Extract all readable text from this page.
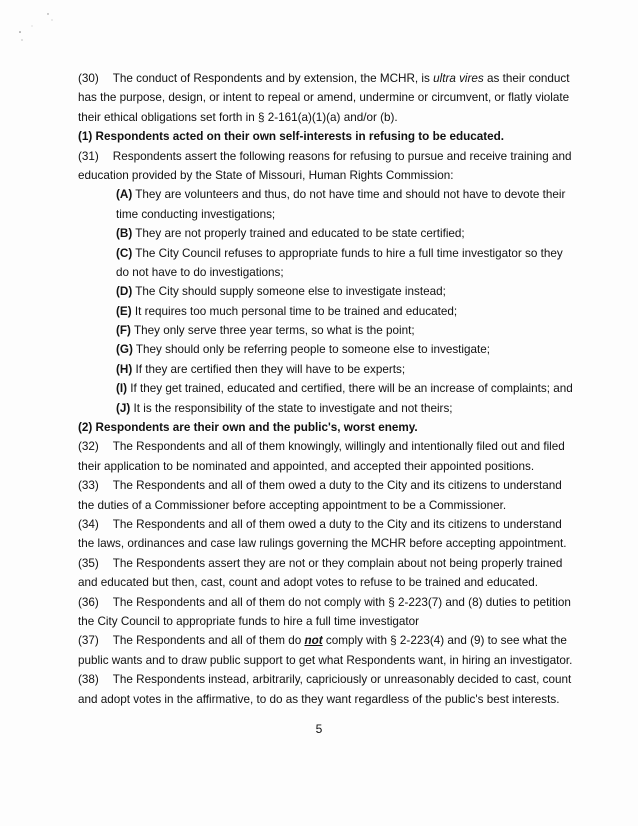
(30) The conduct of Respondents and by extension, the MCHR, is ultra vires as their conduct
has the purpose, design, or intent to repeal or amend, undermine or circumvent, or flatly violate
their ethical obligations set forth in § 2-161(a)(1)(a) and/or (b).
(1) Respondents acted on their own self-interests in refusing to be educated.
(31) Respondents assert the following reasons for refusing to pursue and receive training and
education provided by the State of Missouri, Human Rights Commission:
(A) They are volunteers and thus, do not have time and should not have to devote their
time conducting investigations;
(B) They are not properly trained and educated to be state certified;
(C) The City Council refuses to appropriate funds to hire a full time investigator so they
do not have to do investigations;
(D) The City should supply someone else to investigate instead;
(E) It requires too much personal time to be trained and educated;
(F) They only serve three year terms, so what is the point;
(G) They should only be referring people to someone else to investigate;
(H) If they are certified then they will have to be experts;
(I) If they get trained, educated and certified, there will be an increase of complaints; and
(J) It is the responsibility of the state to investigate and not theirs;
(2) Respondents are their own and the public's, worst enemy.
(32) The Respondents and all of them knowingly, willingly and intentionally filed out and filed
their application to be nominated and appointed, and accepted their appointed positions.
(33) The Respondents and all of them owed a duty to the City and its citizens to understand
the duties of a Commissioner before accepting appointment to be a Commissioner.
(34) The Respondents and all of them owed a duty to the City and its citizens to understand
the laws, ordinances and case law rulings governing the MCHR before accepting appointment.
(35) The Respondents assert they are not or they complain about not being properly trained
and educated but then, cast, count and adopt votes to refuse to be trained and educated.
(36) The Respondents and all of them do not comply with § 2-223(7) and (8) duties to petition
the City Council to appropriate funds to hire a full time investigator
(37) The Respondents and all of them do not comply with § 2-223(4) and (9) to see what the
public wants and to draw public support to get what Respondents want, in hiring an investigator.
(38) The Respondents instead, arbitrarily, capriciously or unreasonably decided to cast, count
and adopt votes in the affirmative, to do as they want regardless of the public's best interests.
5
